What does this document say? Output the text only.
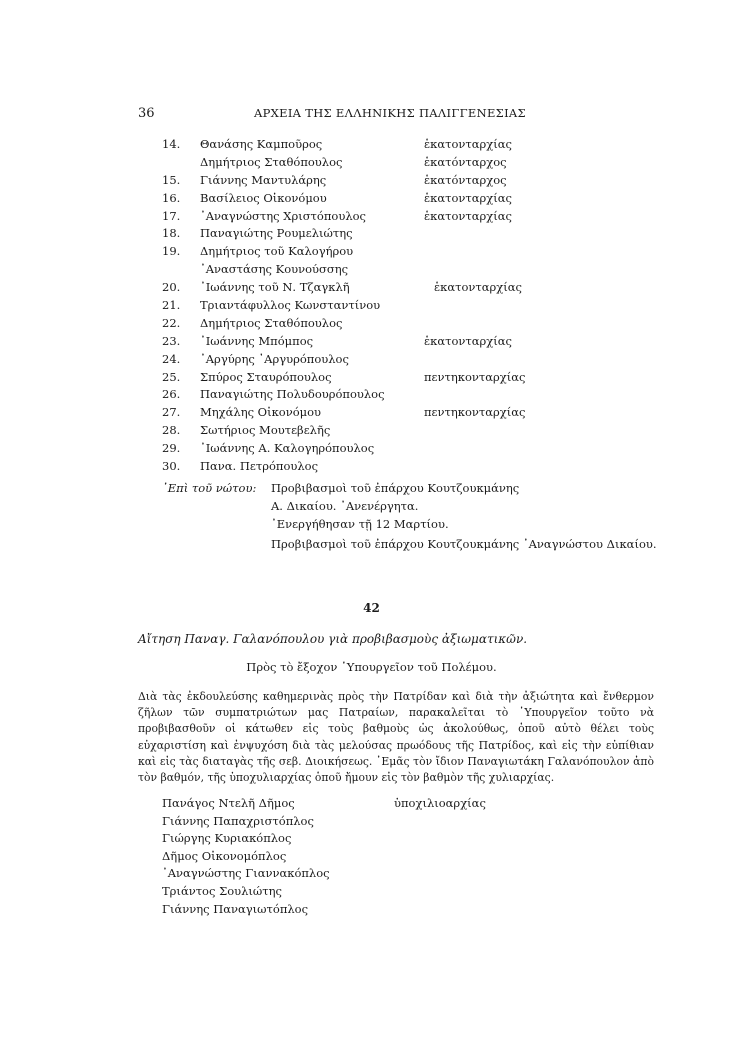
36	ΑΡΧΕΙΑ ΤΗΣ ΕΛΛΗΝΙΚΗΣ ΠΑΛΙΓΓΕΝΕΣΙΑΣ
14.	Θανάσης Καμποῦρος	ἑκατονταρχίας
Δημήτριος Σταθόπουλος	ἑκατόνταρχος
15.	Γιάννης Μαντυλάρης	ἑκατόνταρχος
16.	Βασίλειος Οἰκονόμου	ἑκατονταρχίας
17.	᾿Αναγνώστης Χριστόπουλος	ἑκατονταρχίας
18.	Παναγιώτης Ρουμελιώτης
19.	Δημήτριος τοῦ Καλογήρου
᾿Αναστάσης Κουνούσσης
20.	᾿Ιωάννης τοῦ Ν. Τζαγκλῆ	ἑκατονταρχίας
21.	Τριαντάφυλλος Κωνσταντίνου
22.	Δημήτριος Σταθόπουλος
23.	᾿Ιωάννης Μπόμπος	ἑκατονταρχίας
24.	᾿Αργύρης ᾿Αργυρόπουλος
25.	Σπύρος Σταυρόπουλος	πεντηκονταρχίας
26.	Παναγιώτης Πολυδουρόπουλος
27.	Μηχάλης Οἰκονόμου	πεντηκονταρχίας
28.	Σωτήριος Μουτεβελῆς
29.	᾿Ιωάννης Α. Καλογηρόπουλος
30.	Πανα. Πετρόπουλος
᾿Επὶ τοῦ νώτου: Προβιβασμοὶ τοῦ ἐπάρχου Κουτζουκμάνης
Α. Δικαίου. ᾿Ανενέργητα.
᾿Ενεργήθησαν τῇ 12 Μαρτίου.
Προβιβασμοὶ τοῦ ἐπάρχου Κουτζουκμάνης ᾿Αναγνώστου Δικαίου.
42
Αἴτηση Παναγ. Γαλανόπουλου γιὰ προβιβασμοὺς ἀξιωματικῶν.
Πρὸς τὸ ἔξοχον ῾Υπουργεῖον τοῦ Πολέμου.
Διὰ τὰς ἐκδουλεύσης καθημερινὰς πρὸς τὴν Πατρίδαν καὶ διὰ τὴν ἀξιώτητα καὶ ἔνθερμον ζῆλων τῶν συμπατριώτων μας Πατραίων, παρακαλεῖται τὸ ῾Υπουργεῖον τοῦτο νὰ προβιβασθοῦν οἱ κάτωθεν εἰς τοὺς βαθμοὺς ὡς ἀκολούθως, ὁποῦ αὐτὸ θέλει τοὺς εὐχαριστίση καὶ ἐνψυχόση διὰ τὰς μελούσας πρωόδους τῆς Πατρίδος, καὶ εἰς τὴν εὐπίθιαν καὶ εἰς τὰς διαταγὰς τῆς σεβ. Διοικήσεως. ᾿Εμᾶς τὸν ἴδιον Παναγιωτάκη Γαλανόπουλον ἀπὸ τὸν βαθμόν, τῆς ὑποχυλιαρχίας ὁποῦ ἤμουν εἰς τὸν βαθμὸν τῆς χυλιαρχίας.
Πανάγος Ντελῆ Δῆμος	ὑποχιλιοαρχίας
Γιάννης Παπαχριστόπλος
Γιώργης Κυριακόπλος
Δῆμος Οἰκονομόπλος
᾿Αναγνώστης Γιαννακόπλος
Τριάντος Σουλιώτης
Γιάννης Παναγιωτόπλος
